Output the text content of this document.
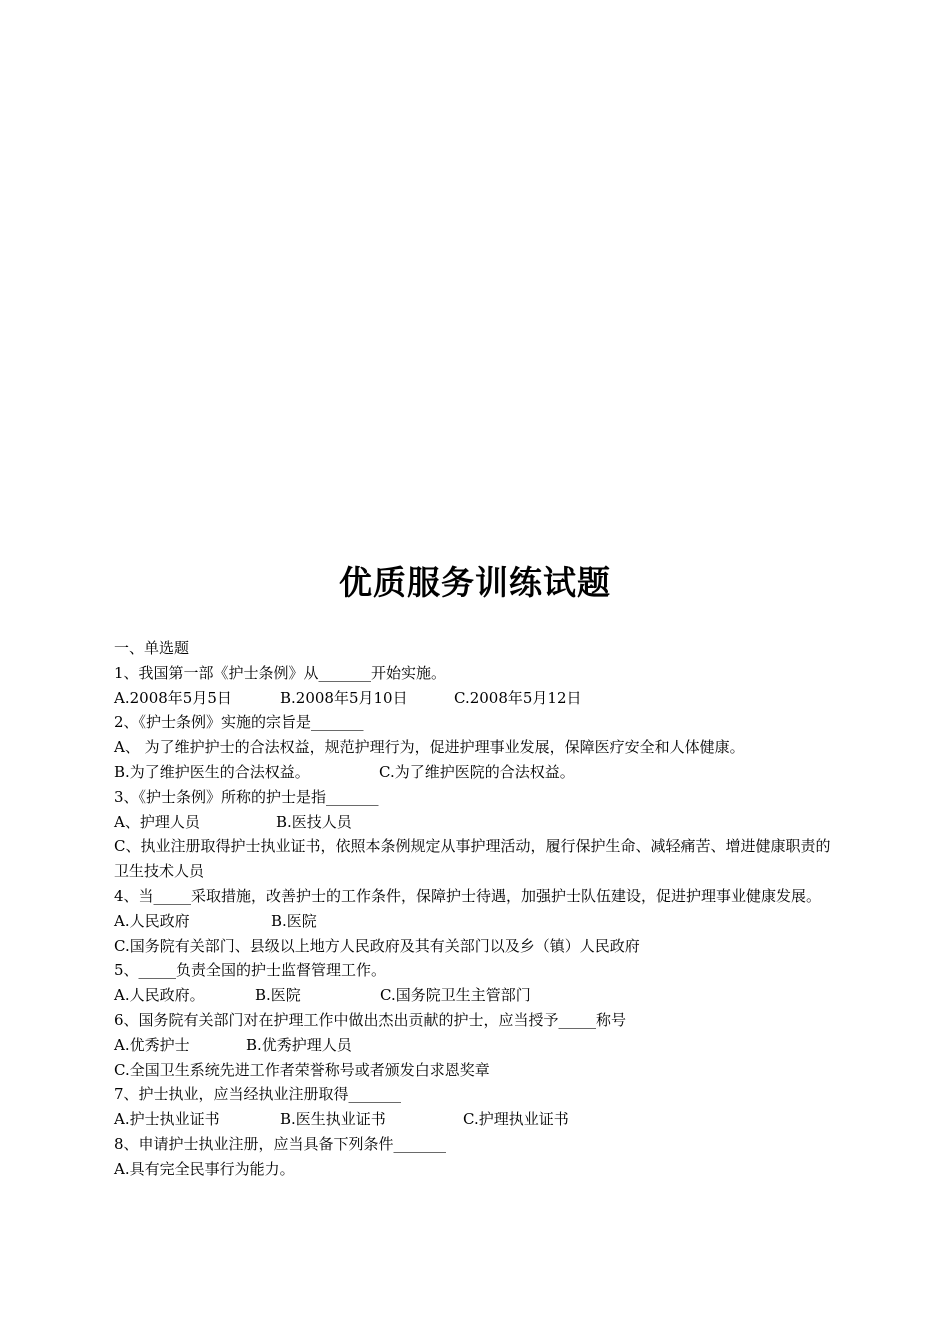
优质服务训练试题
一、单选题
1、我国第一部《护士条例》从_______开始实施。
A.2008年5月5日	B.2008年5月10日	C.2008年5月12日
2、《护士条例》实施的宗旨是_______
A、 为了维护护士的合法权益，规范护理行为，促进护理事业发展，保障医疗安全和人体健康。
B.为了维护医生的合法权益。	C.为了维护医院的合法权益。
3、《护士条例》所称的护士是指_______
A、护理人员	B.医技人员
C、执业注册取得护士执业证书，依照本条例规定从事护理活动，履行保护生命、减轻痛苦、增进健康职责的卫生技术人员
4、当_____采取措施，改善护士的工作条件，保障护士待遇，加强护士队伍建设，促进护理事业健康发展。
A.人民政府	B.医院
C.国务院有关部门、县级以上地方人民政府及其有关部门以及乡（镇）人民政府
5、_____负责全国的护士监督管理工作。
A.人民政府。	B.医院	C.国务院卫生主管部门
6、国务院有关部门对在护理工作中做出杰出贡献的护士，应当授予_____称号
A.优秀护士	B.优秀护理人员
C.全国卫生系统先进工作者荣誉称号或者颁发白求恩奖章
7、护士执业，应当经执业注册取得_______
A.护士执业证书	B.医生执业证书	C.护理执业证书
8、申请护士执业注册，应当具备下列条件_______
A.具有完全民事行为能力。
